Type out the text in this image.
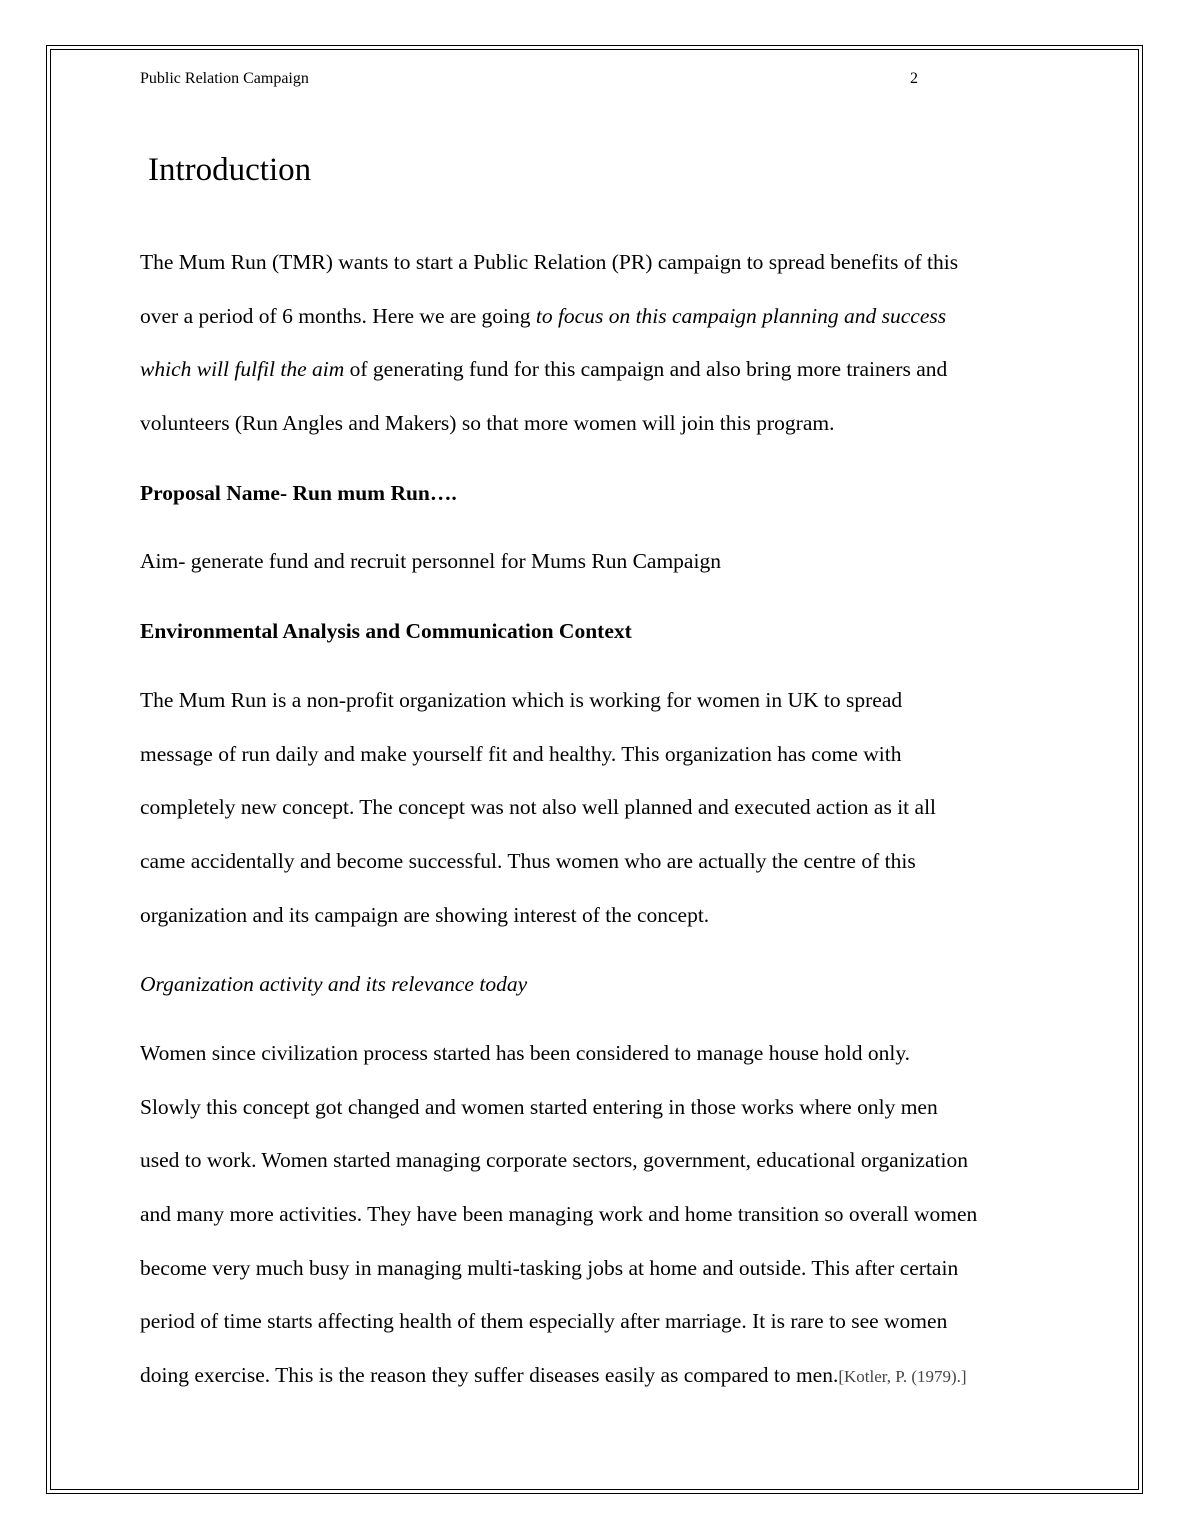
Public Relation Campaign	2
Introduction
The Mum Run (TMR) wants to start a Public Relation (PR) campaign to spread benefits of this
over a period of 6 months. Here we are going to focus on this campaign planning and success
which will fulfil the aim of generating fund for this campaign and also bring more trainers and
volunteers (Run Angles and Makers) so that more women will join this program.
Proposal Name- Run mum Run….
Aim- generate fund and recruit personnel for Mums Run Campaign
Environmental Analysis and Communication Context
The Mum Run is a non-profit organization which is working for women in UK to spread
message of run daily and make yourself fit and healthy. This organization has come with
completely new concept. The concept was not also well planned and executed action as it all
came accidentally and become successful. Thus women who are actually the centre of this
organization and its campaign are showing interest of the concept.
Organization activity and its relevance today
Women since civilization process started has been considered to manage house hold only.
Slowly this concept got changed and women started entering in those works where only men
used to work. Women started managing corporate sectors, government, educational organization
and many more activities. They have been managing work and home transition so overall women
become very much busy in managing multi-tasking jobs at home and outside. This after certain
period of time starts affecting health of them especially after marriage. It is rare to see women
doing exercise. This is the reason they suffer diseases easily as compared to men.[Kotler, P. (1979).]
